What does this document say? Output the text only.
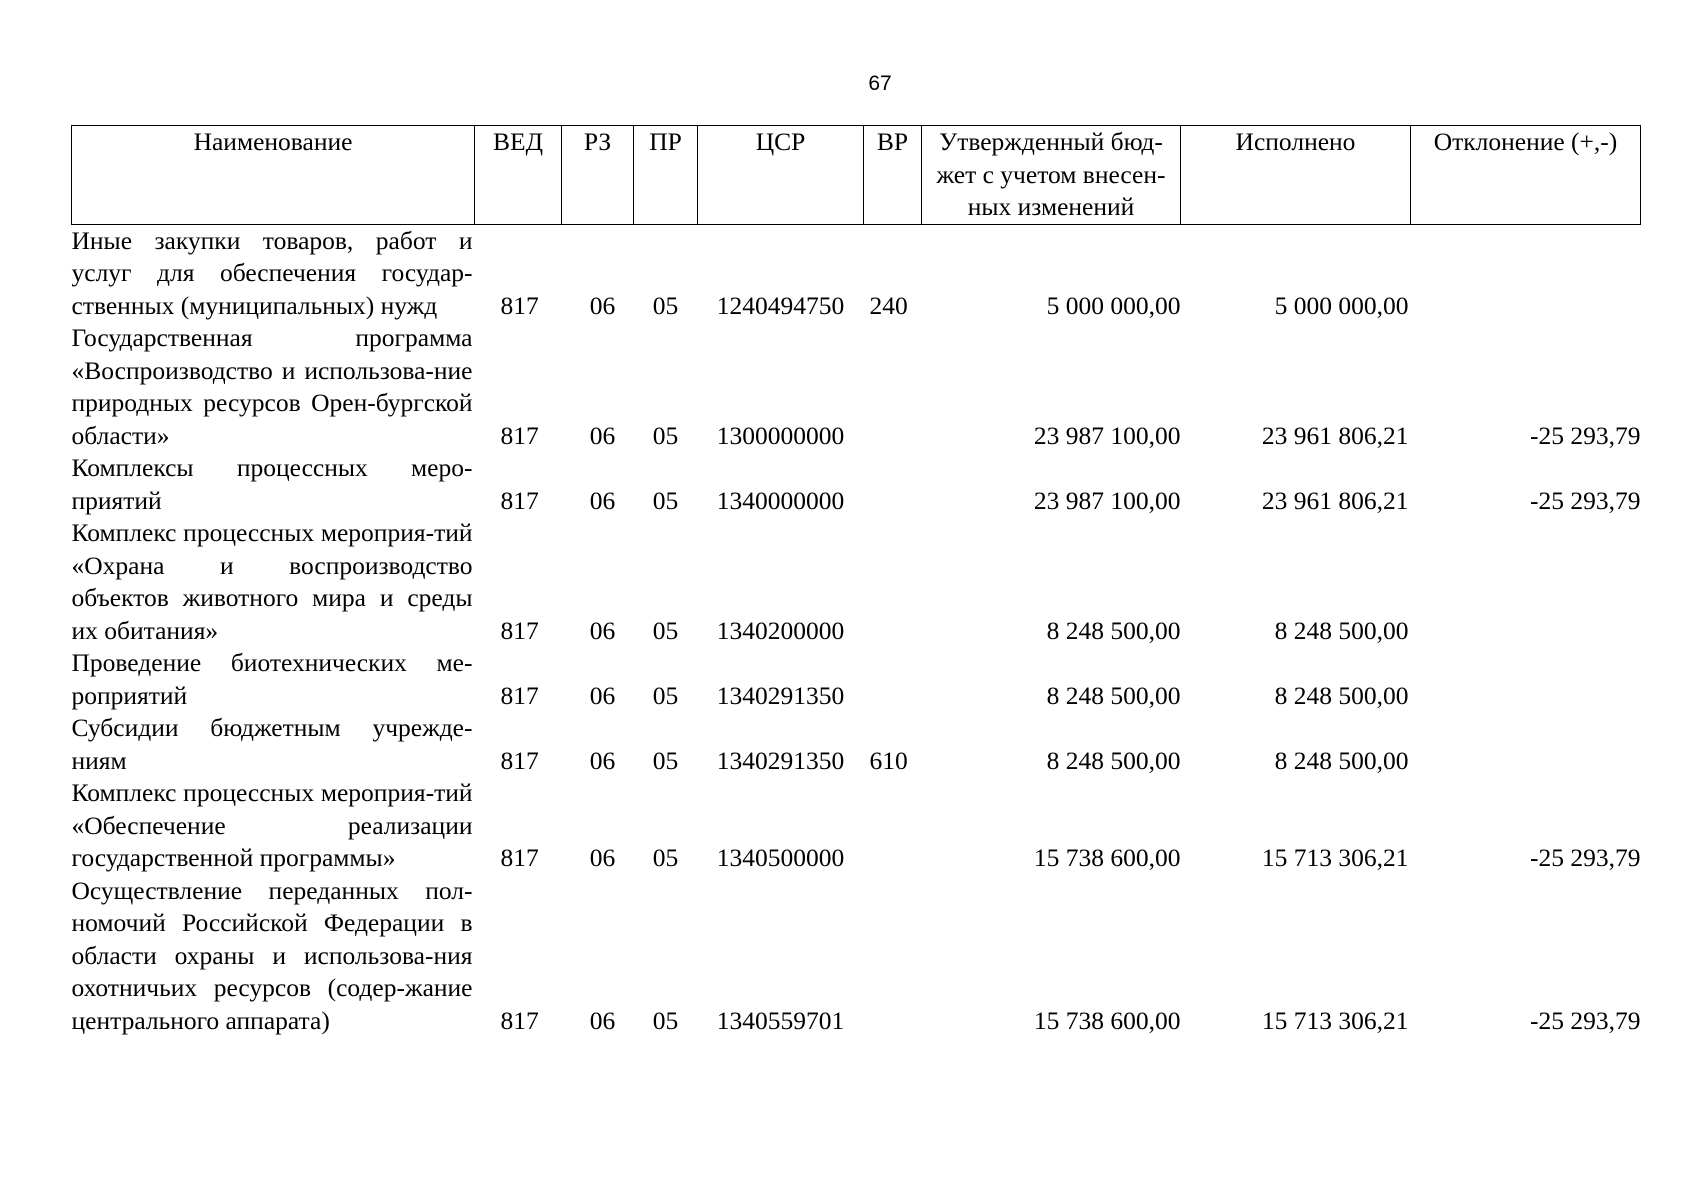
67
Наименование	ВЕД	РЗ	ПР	ЦСР	ВР	Утвержденный бюд-жет с учетом внесен-ных изменений	Исполнено	Отклонение (+,-)
Иные закупки товаров, работ и услуг для обеспечения государ-ственных (муниципальных) нужд	817	06	05	1240494750	240	5 000 000,00	5 000 000,00	
Государственная программа «Воспроизводство и использова-ние природных ресурсов Орен-бургской области»	817	06	05	1300000000		23 987 100,00	23 961 806,21	-25 293,79
Комплексы процессных меро-приятий	817	06	05	1340000000		23 987 100,00	23 961 806,21	-25 293,79
Комплекс процессных мероприя-тий «Охрана и воспроизводство объектов животного мира и среды их обитания»	817	06	05	1340200000		8 248 500,00	8 248 500,00	
Проведение биотехнических ме-роприятий	817	06	05	1340291350		8 248 500,00	8 248 500,00	
Субсидии бюджетным учрежде-ниям	817	06	05	1340291350	610	8 248 500,00	8 248 500,00	
Комплекс процессных мероприя-тий «Обеспечение реализации государственной программы»	817	06	05	1340500000		15 738 600,00	15 713 306,21	-25 293,79
Осуществление переданных пол-номочий Российской Федерации в области охраны и использова-ния охотничьих ресурсов (содер-жание центрального аппарата)	817	06	05	1340559701		15 738 600,00	15 713 306,21	-25 293,79
